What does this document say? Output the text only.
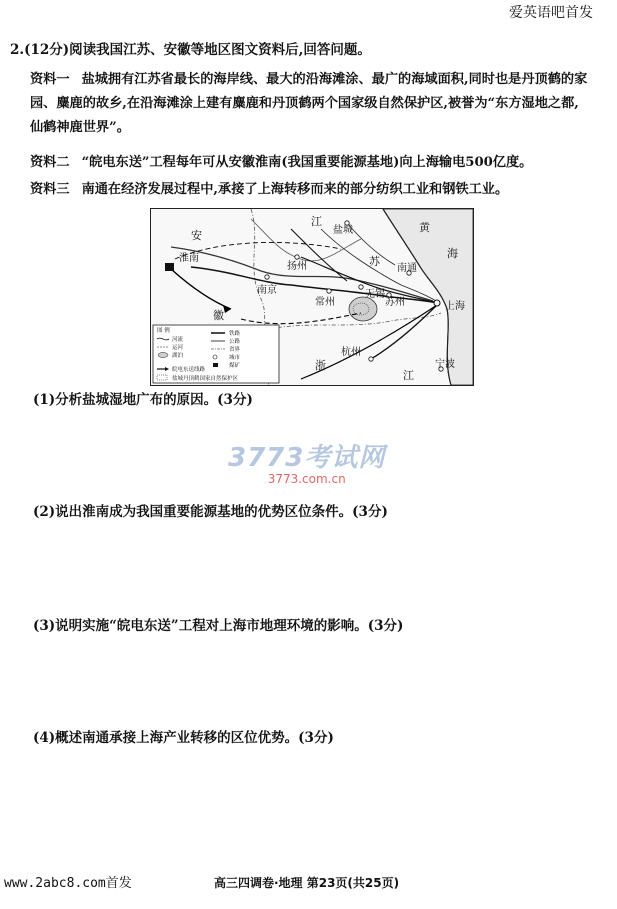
爱英语吧首发
2.(12分)阅读我国江苏、安徽等地区图文资料后,回答问题。
资料一 盐城拥有江苏省最长的海岸线、最大的沿海滩涂、最广的海域面积,同时也是丹顶鹤的家园、麋鹿的故乡,在沿海滩涂上建有麋鹿和丹顶鹤两个国家级自然保护区,被誉为“东方湿地之都,仙鹤神鹿世界”。
资料二 “皖电东送”工程每年可从安徽淮南(我国重要能源基地)向上海输电500亿度。
资料三 南通在经济发展过程中,承接了上海转移而来的部分纺织工业和钢铁工业。
安
淮南
徽
江
盐城	黄
海
扬州	苏
南通
南京
常州
无锡
苏州	上海
杭州
浙
江
宁波
图 例
河流
运河
湖泊
铁路
公路
省界
城市
煤矿
皖电东送线路
盐城丹顶鹤国家自然保护区
(1)分析盐城湿地广布的原因。(3分)
3773考试网
3773.com.cn
(2)说出淮南成为我国重要能源基地的优势区位条件。(3分)
(3)说明实施“皖电东送”工程对上海市地理环境的影响。(3分)
(4)概述南通承接上海产业转移的区位优势。(3分)
www.2abc8.com首发	高三四调卷·地理 第23页(共25页)
